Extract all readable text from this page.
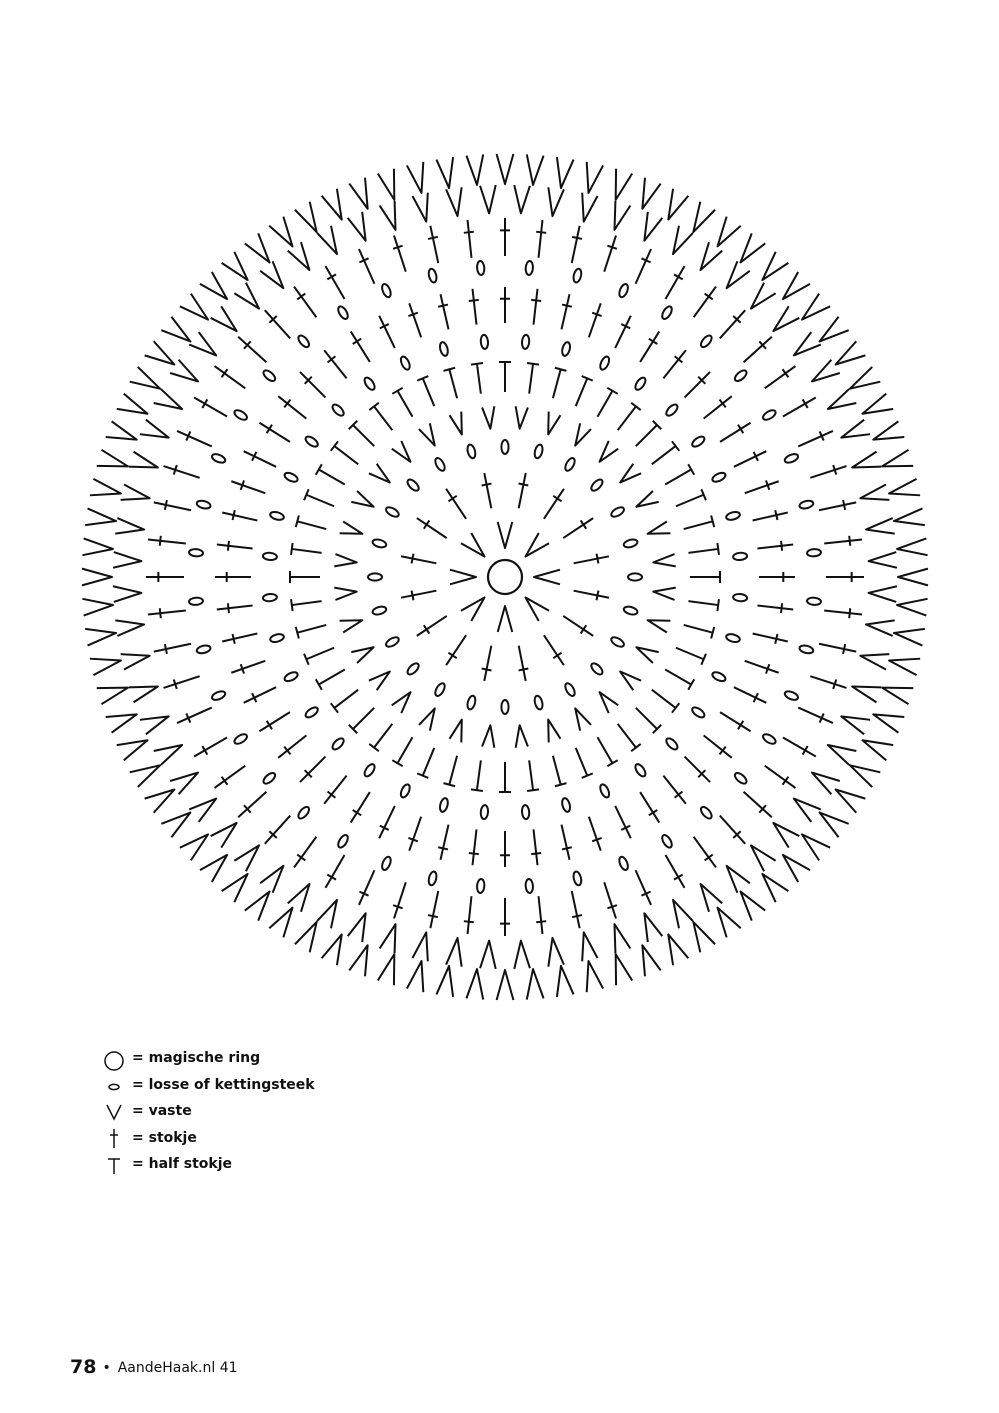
= magische ring
= losse of kettingsteek
= vaste
= stokje
= half stokje
78 • AandeHaak.nl 41
